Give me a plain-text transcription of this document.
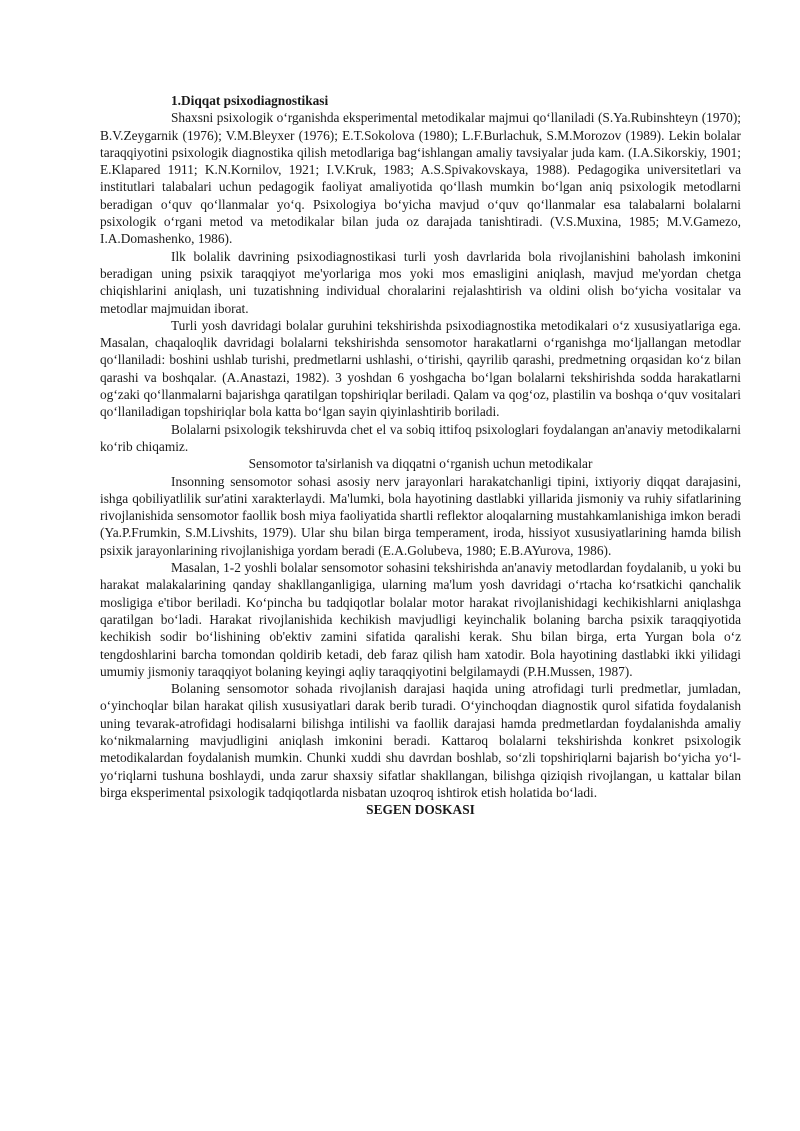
1.Diqqat psixodiagnostikasi

Shaxsni psixologik o‘rganishda eksperimental metodikalar majmui qo‘llaniladi (S.Ya.Rubinshteyn (1970); B.V.Zeygarnik (1976); V.M.Bleyxer (1976); E.T.Sokolova (1980); L.F.Burlachuk, S.M.Morozov (1989). Lekin bolalar taraqqiyotini psixologik diagnostika qilish metodlariga bag‘ishlangan amaliy tavsiyalar juda kam. (I.A.Sikorskiy, 1901; E.Klapared 1911; K.N.Kornilov, 1921; I.V.Kruk, 1983; A.S.Spivakovskaya, 1988). Pedagogika universitetlari va institutlari talabalari uchun pedagogik faoliyat amaliyotida qo‘llash mumkin bo‘lgan aniq psixologik metodlarni beradigan o‘quv qo‘llanmalar yo‘q. Psixologiya bo‘yicha mavjud o‘quv qo‘llanmalar esa talabalarni bolalarni psixologik o‘rgani metod va metodikalar bilan juda oz darajada tanishtiradi. (V.S.Muxina, 1985; M.V.Gamezo, I.A.Domashenko, 1986).

Ilk bolalik davrining psixodiagnostikasi turli yosh davrlarida bola rivojlanishini baholash imkonini beradigan uning psixik taraqqiyot me'yorlariga mos yoki mos emasligini aniqlash, mavjud me'yordan chetga chiqishlarini aniqlash, uni tuzatishning individual choralarini rejalashtirish va oldini olish bo‘yicha vositalar va metodlar majmuidan iborat.

Turli yosh davridagi bolalar guruhini tekshirishda psixodiagnostika metodikalari o‘z xususiyatlariga ega. Masalan, chaqaloqlik davridagi bolalarni tekshirishda sensomotor harakatlarni o‘rganishga mo‘ljallangan metodlar qo‘llaniladi: boshini ushlab turishi, predmetlarni ushlashi, o‘tirishi, qayrilib qarashi, predmetning orqasidan ko‘z bilan qarashi va boshqalar. (A.Anastazi, 1982). 3 yoshdan 6 yoshgacha bo‘lgan bolalarni tekshirishda sodda harakatlarni og‘zaki qo‘llanmalarni bajarishga qaratilgan topshiriqlar beriladi. Qalam va qog‘oz, plastilin va boshqa o‘quv vositalari qo‘llaniladigan topshiriqlar bola katta bo‘lgan sayin qiyinlashtirib boriladi.

Bolalarni psixologik tekshiruvda chet el va sobiq ittifoq psixologlari foydalangan an'anaviy metodikalarni ko‘rib chiqamiz.

Sensomotor ta'sirlanish va diqqatni o‘rganish uchun metodikalar

Insonning sensomotor sohasi asosiy nerv jarayonlari harakatchanligi tipini, ixtiyoriy diqqat darajasini, ishga qobiliyatlilik sur'atini xarakterlaydi. Ma'lumki, bola hayotining dastlabki yillarida jismoniy va ruhiy sifatlarining rivojlanishida sensomotor faollik bosh miya faoliyatida shartli reflektor aloqalarning mustahkamlanishiga imkon beradi (Ya.P.Frumkin, S.M.Livshits, 1979). Ular shu bilan birga temperament, iroda, hissiyot xususiyatlarining hamda bilish psixik jarayonlarining rivojlanishiga yordam beradi (E.A.Golubeva, 1980; E.B.AYurova, 1986).

Masalan, 1-2 yoshli bolalar sensomotor sohasini tekshirishda an'anaviy metodlardan foydalanib, u yoki bu harakat malakalarining qanday shakllanganligiga, ularning ma'lum yosh davridagi o‘rtacha ko‘rsatkichi qanchalik mosligiga e'tibor beriladi. Ko‘pincha bu tadqiqotlar bolalar motor harakat rivojlanishidagi kechikishlarni aniqlashga qaratilgan bo‘ladi. Harakat rivojlanishida kechikish mavjudligi keyinchalik bolaning barcha psixik taraqqiyotida kechikish sodir bo‘lishining ob'ektiv zamini sifatida qaralishi kerak. Shu bilan birga, erta Yurgan bola o‘z tengdoshlarini barcha tomondan qoldirib ketadi, deb faraz qilish ham xatodir. Bola hayotining dastlabki ikki yilidagi umumiy jismoniy taraqqiyot bolaning keyingi aqliy taraqqiyotini belgilamaydi (P.H.Mussen, 1987).

Bolaning sensomotor sohada rivojlanish darajasi haqida uning atrofidagi turli predmetlar, jumladan, o‘yinchoqlar bilan harakat qilish xususiyatlari darak berib turadi. O‘yinchoqdan diagnostik qurol sifatida foydalanish uning tevarak-atrofidagi hodisalarni bilishga intilishi va faollik darajasi hamda predmetlardan foydalanishda amaliy ko‘nikmalarning mavjudligini aniqlash imkonini beradi. Kattaroq bolalarni tekshirishda konkret psixologik metodikalardan foydalanish mumkin. Chunki xuddi shu davrdan boshlab, so‘zli topshiriqlarni bajarish bo‘yicha yo‘l-yo‘riqlarni tushuna boshlaydi, unda zarur shaxsiy sifatlar shakllangan, bilishga qiziqish rivojlangan, u kattalar bilan birga eksperimental psixologik tadqiqotlarda nisbatan uzoqroq ishtirok etish holatida bo‘ladi.

SEGEN DOSKASI
